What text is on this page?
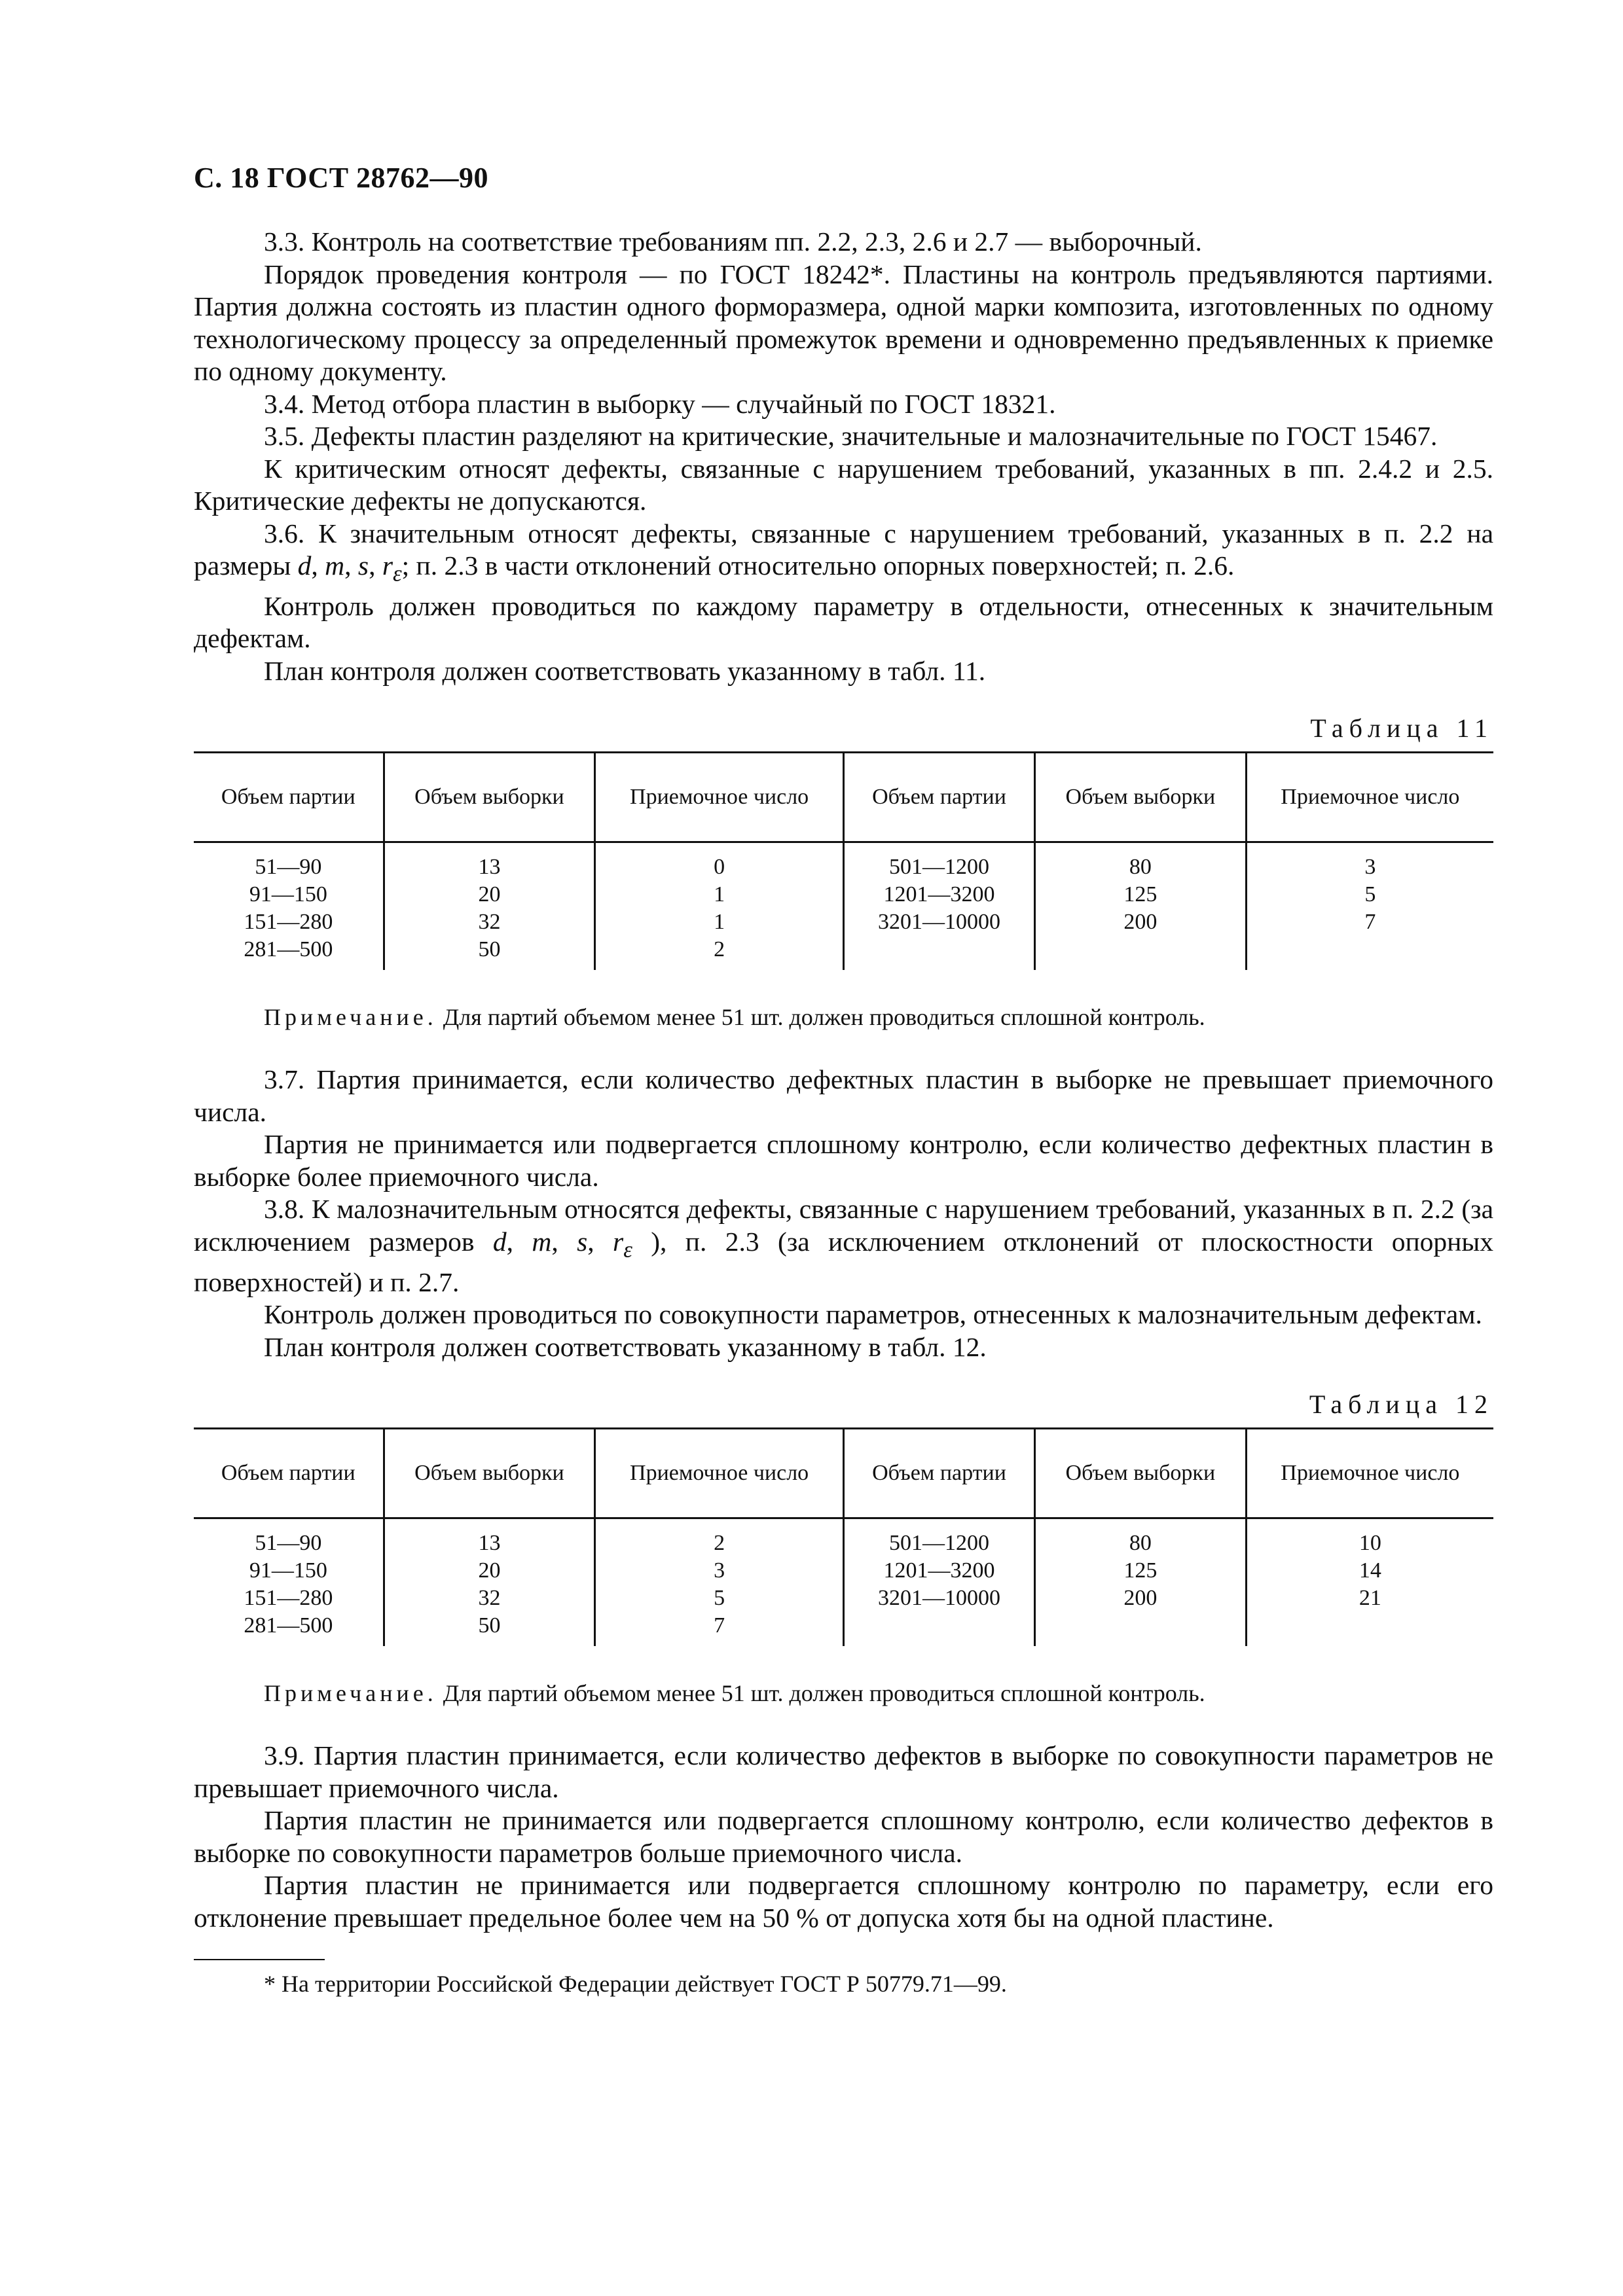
С. 18 ГОСТ 28762—90

3.3. Контроль на соответствие требованиям пп. 2.2, 2.3, 2.6 и 2.7 — выборочный.

Порядок проведения контроля — по ГОСТ 18242*. Пластины на контроль предъявляются партиями. Партия должна состоять из пластин одного формоpазмера, одной марки композита, изготовленных по одному технологическому процессу за определенный промежуток времени и одновременно предъявленных к приемке по одному документу.

3.4. Метод отбора пластин в выборку — случайный по ГОСТ 18321.

3.5. Дефекты пластин разделяют на критические, значительные и малозначительные по ГОСТ 15467.

К критическим относят дефекты, связанные с нарушением требований, указанных в пп. 2.4.2 и 2.5. Критические дефекты не допускаются.

3.6. К значительным относят дефекты, связанные с нарушением требований, указанных в п. 2.2 на размеры d, m, s, $r_\varepsilon$; п. 2.3 в части отклонений относительно опорных поверхностей; п. 2.6.

Контроль должен проводиться по каждому параметру в отдельности, отнесенных к значительным дефектам.

План контроля должен соответствовать указанному в табл. 11.

Таблица 11
Объем партии	Объем выборки	Приемочное число	Объем партии	Объем выборки	Приемочное число
51—90	13	0	501—1200	80	3
91—150	20	1	1201—3200	125	5
151—280	32	1	3201—10000	200	7
281—500	50	2			
Примечание. Для партий объемом менее 51 шт. должен проводиться сплошной контроль.

3.7. Партия принимается, если количество дефектных пластин в выборке не превышает приемочного числа.

Партия не принимается или подвергается сплошному контролю, если количество дефектных пластин в выборке более приемочного числа.

3.8. К малозначительным относятся дефекты, связанные с нарушением требований, указанных в п. 2.2 (за исключением размеров d, m, s, $r_\varepsilon$ ), п. 2.3 (за исключением отклонений от плоскостности опорных поверхностей) и п. 2.7.

Контроль должен проводиться по совокупности параметров, отнесенных к малозначительным дефектам.

План контроля должен соответствовать указанному в табл. 12.

Таблица 12
Объем партии	Объем выборки	Приемочное число	Объем партии	Объем выборки	Приемочное число
51—90	13	2	501—1200	80	10
91—150	20	3	1201—3200	125	14
151—280	32	5	3201—10000	200	21
281—500	50	7			
Примечание. Для партий объемом менее 51 шт. должен проводиться сплошной контроль.

3.9. Партия пластин принимается, если количество дефектов в выборке по совокупности параметров не превышает приемочного числа.

Партия пластин не принимается или подвергается сплошному контролю, если количество дефектов в выборке по совокупности параметров больше приемочного числа.

Партия пластин не принимается или подвергается сплошному контролю по параметру, если его отклонение превышает предельное более чем на 50 % от допуска хотя бы на одной пластине.

* На территории Российской Федерации действует ГОСТ Р 50779.71—99.
